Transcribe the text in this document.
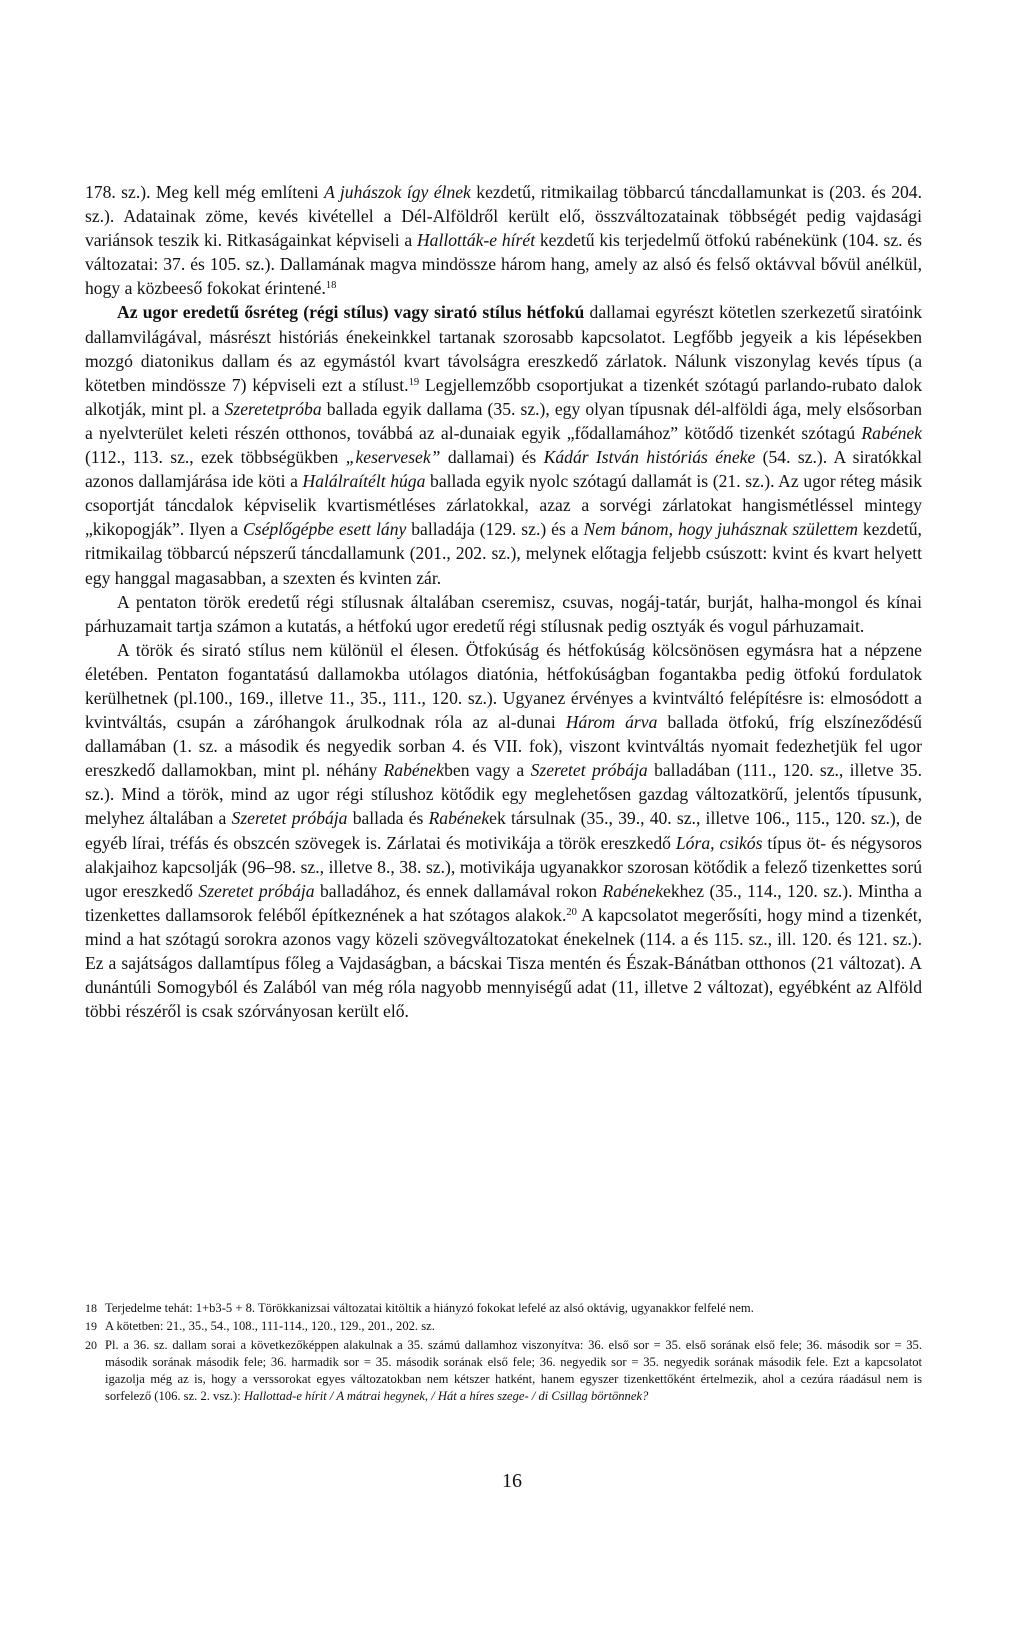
178. sz.). Meg kell még említeni A juhászok így élnek kezdetű, ritmikailag többarcú táncdallamunkat is (203. és 204. sz.). Adatainak zöme, kevés kivétellel a Dél-Alföldről került elő, összváltozatainak többségét pedig vajdasági variánsok teszik ki. Ritkaságainkat képviseli a Hallották-e hírét kezdetű kis terjedelmű ötfokú rabénekünk (104. sz. és változatai: 37. és 105. sz.). Dallamának magva mindössze három hang, amely az alsó és felső oktávval bővül anélkül, hogy a közbeeső fokokat érintené.$^{18}$

Az ugor eredetű ősréteg (régi stílus) vagy sirató stílus hétfokú dallamai egyrészt kötetlen szerkezetű siratóink dallamvilágával, másrészt históriás énekeinkkel tartanak szorosabb kapcsolatot. Legfőbb jegyeik a kis lépésekben mozgó diatonikus dallam és az egymástól kvart távolságra ereszkedő zárlatok. Nálunk viszonylag kevés típus (a kötetben mindössze 7) képviseli ezt a stílust.$^{19}$ Legjellemzőbb csoportjukat a tizenkét szótagú parlando-rubato dalok alkotják, mint pl. a Szeretetpróba ballada egyik dallama (35. sz.), egy olyan típusnak dél-alföldi ága, mely elsősorban a nyelvterület keleti részén otthonos, továbbá az al-dunaiak egyik „fődallamához” kötődő tizenkét szótagú Rabének (112., 113. sz., ezek többségükben „keservesek” dallamai) és Kádár István históriás éneke (54. sz.). A siratókkal azonos dallamjárása ide köti a Halálraítélt húga ballada egyik nyolc szótagú dallamát is (21. sz.). Az ugor réteg másik csoportját táncdalok képviselik kvartismétléses zárlatokkal, azaz a sorvégi zárlatokat hangismétléssel mintegy „kikopogják”. Ilyen a Cséplőgépbe esett lány balladája (129. sz.) és a Nem bánom, hogy juhásznak születtem kezdetű, ritmikailag többarcú népszerű táncdallamunk (201., 202. sz.), melynek előtagja feljebb csúszott: kvint és kvart helyett egy hanggal magasabban, a szexten és kvinten zár.

A pentaton török eredetű régi stílusnak általában cseremisz, csuvas, nogáj-tatár, burját, halha-mongol és kínai párhuzamait tartja számon a kutatás, a hétfokú ugor eredetű régi stílusnak pedig osztyák és vogul párhuzamait.

A török és sirató stílus nem különül el élesen. Ötfokúság és hétfokúság kölcsönösen egymásra hat a népzene életében. Pentaton fogantatású dallamokba utólagos diatónia, hétfokúságban fogantakba pedig ötfokú fordulatok kerülhetnek (pl.100., 169., illetve 11., 35., 111., 120. sz.). Ugyanez érvényes a kvintváltó felépítésre is: elmosódott a kvintváltás, csupán a záróhangok árulkodnak róla az al-dunai Három árva ballada ötfokú, fríg elszíneződésű dallamában (1. sz. a második és negyedik sorban 4. és VII. fok), viszont kvintváltás nyomait fedezhetjük fel ugor ereszkedő dallamokban, mint pl. néhány Rabénekben vagy a Szeretet próbája balladában (111., 120. sz., illetve 35. sz.). Mind a török, mind az ugor régi stílushoz kötődik egy meglehetősen gazdag változatkörű, jelentős típusunk, melyhez általában a Szeretet próbája ballada és Rabénekek társulnak (35., 39., 40. sz., illetve 106., 115., 120. sz.), de egyéb lírai, tréfás és obszcén szövegek is. Zárlatai és motivikája a török ereszkedő Lóra, csikós típus öt- és négysoros alakjaihoz kapcsolják (96–98. sz., illetve 8., 38. sz.), motivikája ugyanakkor szorosan kötődik a felező tizenkettes sorú ugor ereszkedő Szeretet próbája balladához, és ennek dallamával rokon Rabénekekhez (35., 114., 120. sz.). Mintha a tizenkettes dallamsorok feléből építkeznének a hat szótagos alakok.$^{20}$ A kapcsolatot megerősíti, hogy mind a tizenkét, mind a hat szótagú sorokra azonos vagy közeli szövegváltozatokat énekelnek (114. a és 115. sz., ill. 120. és 121. sz.). Ez a sajátságos dallamtípus főleg a Vajdaságban, a bácskai Tisza mentén és Észak-Bánátban otthonos (21 változat). A dunántúli Somogyból és Zalából van még róla nagyobb mennyiségű adat (11, illetve 2 változat), egyébként az Alföld többi részéről is csak szórványosan került elő.

18 Terjedelme tehát: 1+b3-5 + 8. Törökkanizsai változatai kitöltik a hiányzó fokokat lefelé az alsó oktávig, ugyanakkor felfelé nem.
19 A kötetben: 21., 35., 54., 108., 111-114., 120., 129., 201., 202. sz.
20 Pl. a 36. sz. dallam sorai a következőképpen alakulnak a 35. számú dallamhoz viszonyítva: 36. első sor = 35. első sorának első fele; 36. második sor = 35. második sorának második fele; 36. harmadik sor = 35. második sorának első fele; 36. negyedik sor = 35. negyedik sorának második fele. Ezt a kapcsolatot igazolja még az is, hogy a verssorokat egyes változatokban nem kétszer hatként, hanem egyszer tizenkettőként értelmezik, ahol a cezúra ráadásul nem is sorfelező (106. sz. 2. vsz.): Hallottad-e hírit / A mátrai hegynek, / Hát a híres szege- / di Csillag börtönnek?
16
